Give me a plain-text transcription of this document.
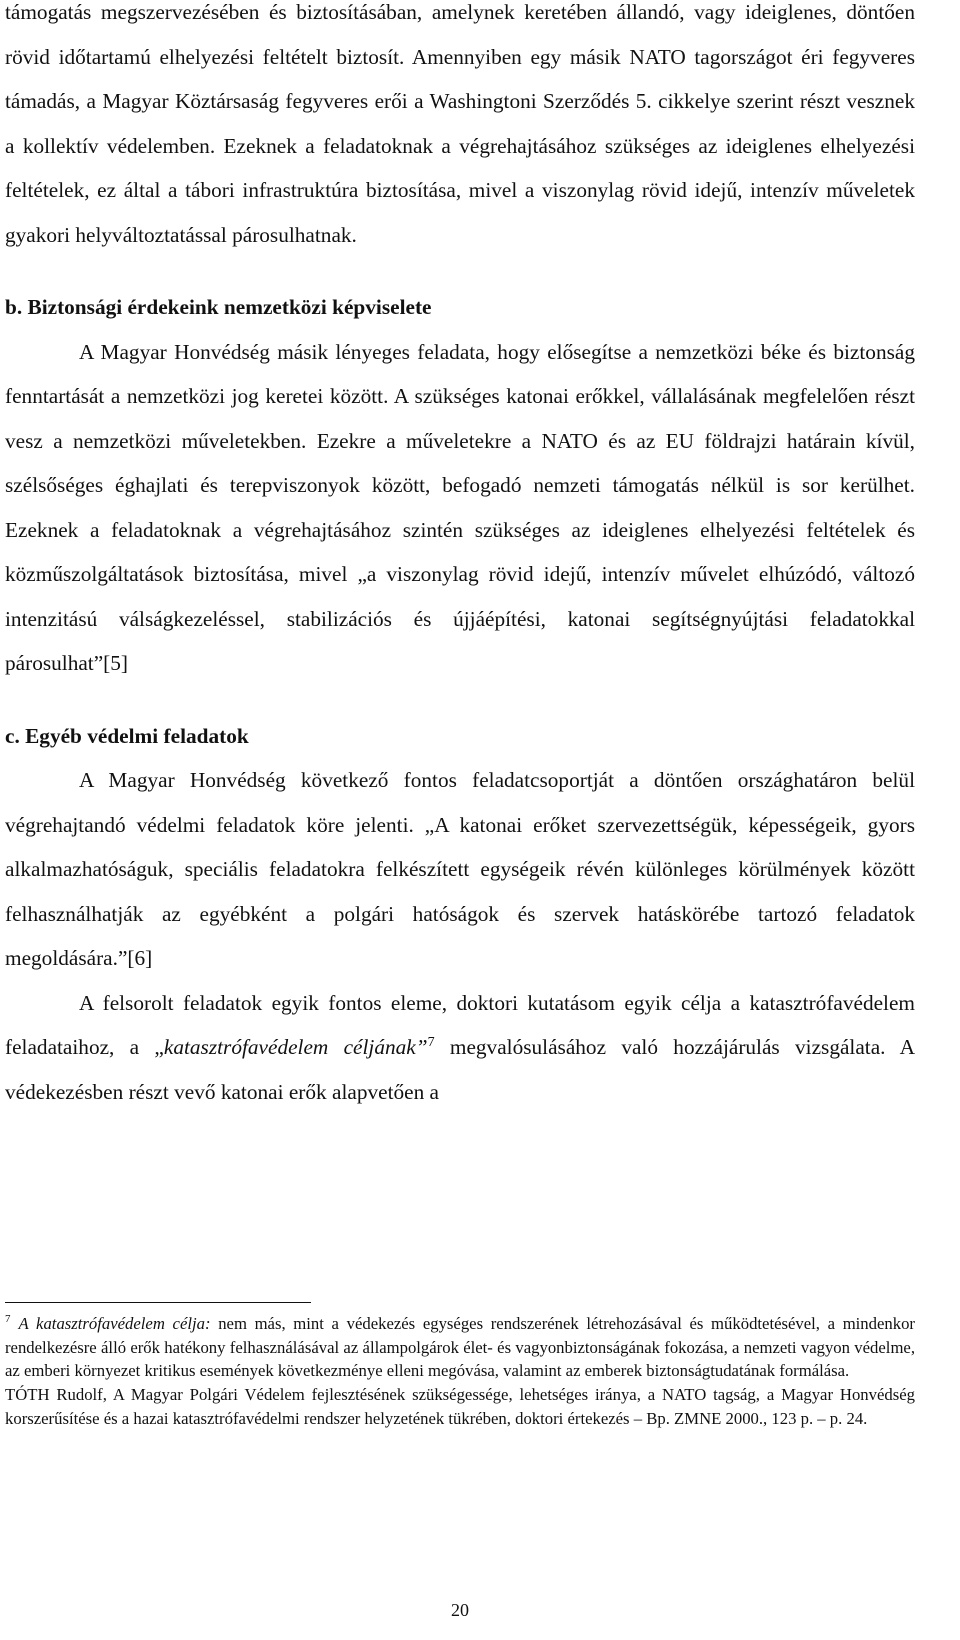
támogatás megszervezésében és biztosításában, amelynek keretében állandó, vagy ideiglenes, döntően rövid időtartamú elhelyezési feltételt biztosít. Amennyiben egy másik NATO tagországot éri fegyveres támadás, a Magyar Köztársaság fegyveres erői a Washingtoni Szerződés 5. cikkelye szerint részt vesznek a kollektív védelemben. Ezeknek a feladatoknak a végrehajtásához szükséges az ideiglenes elhelyezési feltételek, ez által a tábori infrastruktúra biztosítása, mivel a viszonylag rövid idejű, intenzív műveletek gyakori helyváltoztatással párosulhatnak.

b. Biztonsági érdekeink nemzetközi képviselete

A Magyar Honvédség másik lényeges feladata, hogy elősegítse a nemzetközi béke és biztonság fenntartását a nemzetközi jog keretei között. A szükséges katonai erőkkel, vállalásának megfelelően részt vesz a nemzetközi műveletekben. Ezekre a műveletekre a NATO és az EU földrajzi határain kívül, szélsőséges éghajlati és terepviszonyok között, befogadó nemzeti támogatás nélkül is sor kerülhet. Ezeknek a feladatoknak a végrehajtásához szintén szükséges az ideiglenes elhelyezési feltételek és közműszolgáltatások biztosítása, mivel „a viszonylag rövid idejű, intenzív művelet elhúzódó, változó intenzitású válságkezeléssel, stabilizációs és újjáépítési, katonai segítségnyújtási feladatokkal párosulhat”[5]

c. Egyéb védelmi feladatok

A Magyar Honvédség következő fontos feladatcsoportját a döntően országhatáron belül végrehajtandó védelmi feladatok köre jelenti. „A katonai erőket szervezettségük, képességeik, gyors alkalmazhatóságuk, speciális feladatokra felkészített egységeik révén különleges körülmények között felhasználhatják az egyébként a polgári hatóságok és szervek hatáskörébe tartozó feladatok megoldására.”[6]

A felsorolt feladatok egyik fontos eleme, doktori kutatásom egyik célja a katasztrófavédelem feladataihoz, a „katasztrófavédelem céljának”$^7$ megvalósulásához való hozzájárulás vizsgálata. A védekezésben részt vevő katonai erők alapvetően a

$^7$ A katasztrófavédelem célja: nem más, mint a védekezés egységes rendszerének létrehozásával és működtetésével, a mindenkor rendelkezésre álló erők hatékony felhasználásával az állampolgárok élet- és vagyonbiztonságának fokozása, a nemzeti vagyon védelme, az emberi környezet kritikus események következménye elleni megóvása, valamint az emberek biztonságtudatának formálása.

TÓTH Rudolf, A Magyar Polgári Védelem fejlesztésének szükségessége, lehetséges iránya, a NATO tagság, a Magyar Honvédség korszerűsítése és a hazai katasztrófavédelmi rendszer helyzetének tükrében, doktori értekezés – Bp. ZMNE 2000., 123 p. – p. 24.

20
